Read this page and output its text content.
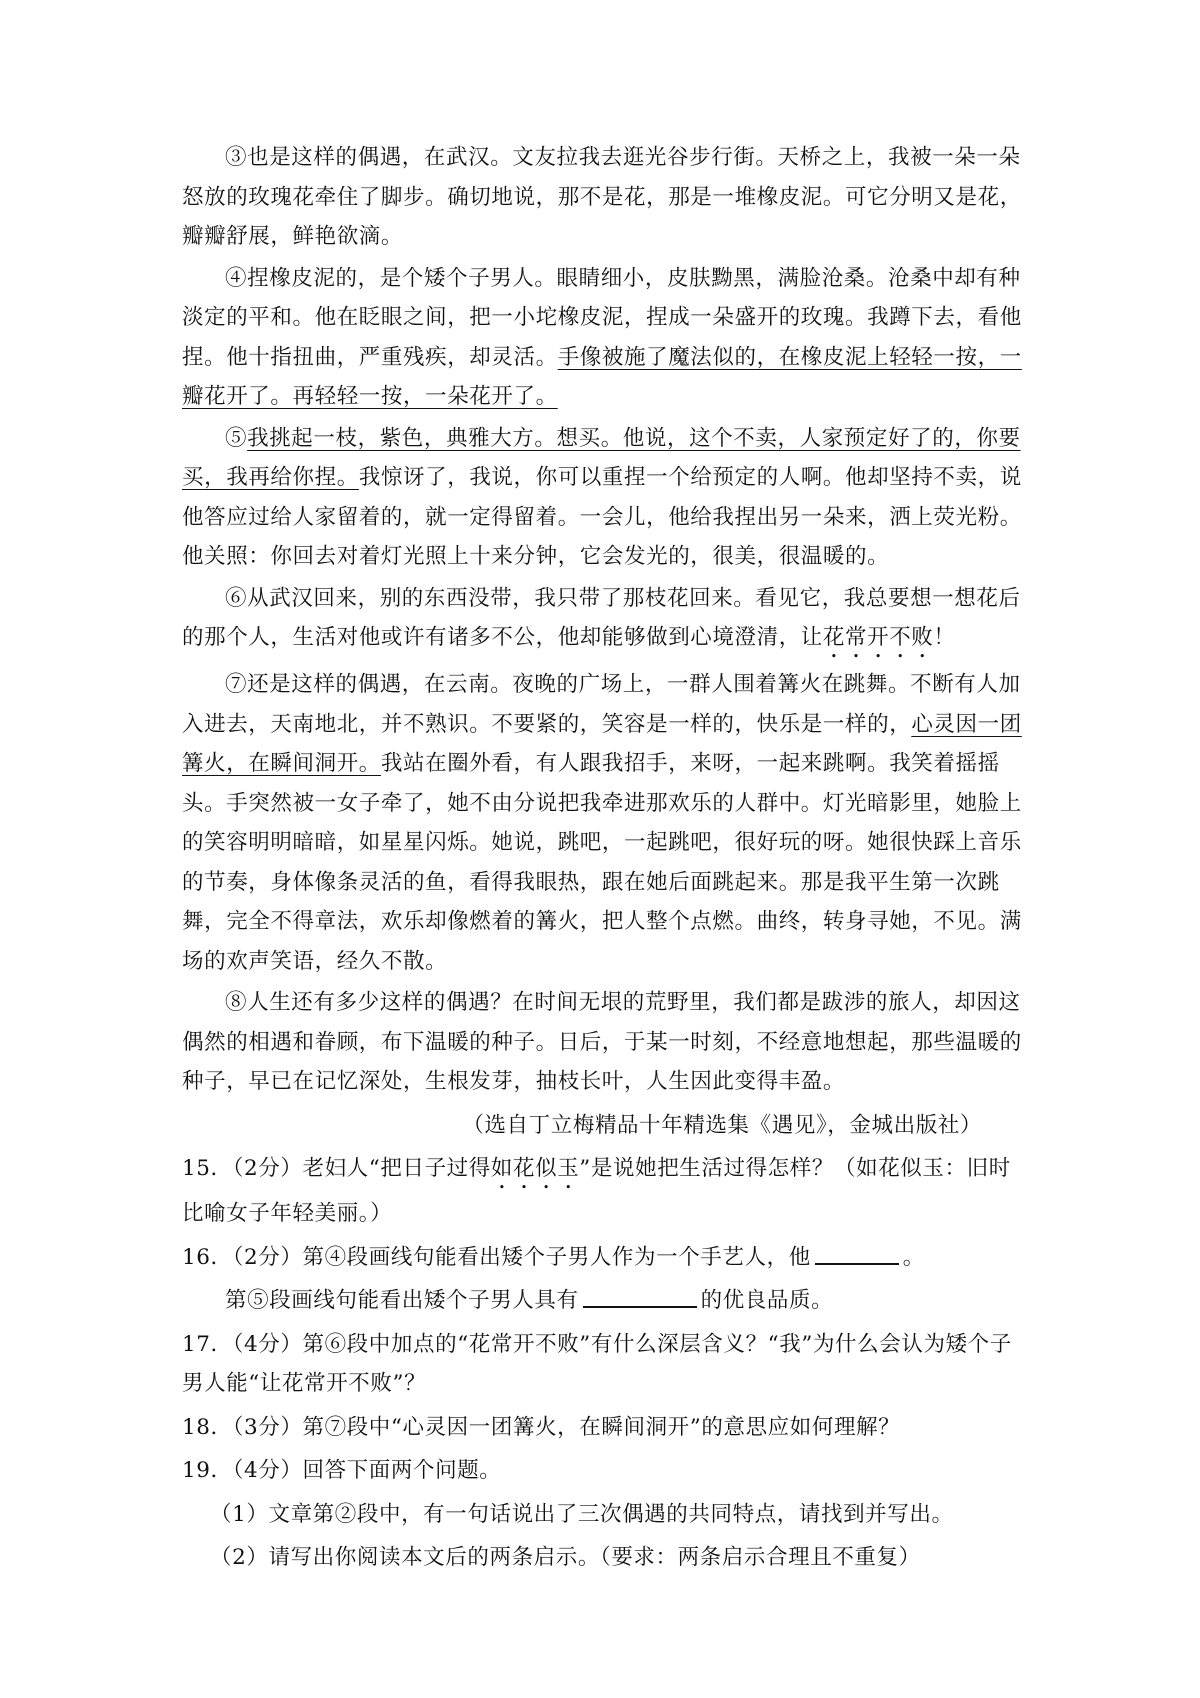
③也是这样的偶遇，在武汉。文友拉我去逛光谷步行街。天桥之上，我被一朵一朵怒放的玫瑰花牵住了脚步。确切地说，那不是花，那是一堆橡皮泥。可它分明又是花，瓣瓣舒展，鲜艳欲滴。

④捏橡皮泥的，是个矮个子男人。眼睛细小，皮肤黝黑，满脸沧桑。沧桑中却有种淡定的平和。他在眨眼之间，把一小坨橡皮泥，捏成一朵盛开的玫瑰。我蹲下去，看他捏。他十指扭曲，严重残疾，却灵活。手像被施了魔法似的，在橡皮泥上轻轻一按，一瓣花开了。再轻轻一按，一朵花开了。

⑤我挑起一枝，紫色，典雅大方。想买。他说，这个不卖，人家预定好了的，你要买，我再给你捏。我惊讶了，我说，你可以重捏一个给预定的人啊。他却坚持不卖，说他答应过给人家留着的，就一定得留着。一会儿，他给我捏出另一朵来，洒上荧光粉。他关照：你回去对着灯光照上十来分钟，它会发光的，很美，很温暖的。

⑥从武汉回来，别的东西没带，我只带了那枝花回来。看见它，我总要想一想花后的那个人，生活对他或许有诸多不公，他却能够做到心境澄清，让花常开不败！

⑦还是这样的偶遇，在云南。夜晚的广场上，一群人围着篝火在跳舞。不断有人加入进去，天南地北，并不熟识。不要紧的，笑容是一样的，快乐是一样的，心灵因一团篝火，在瞬间洞开。我站在圈外看，有人跟我招手，来呀，一起来跳啊。我笑着摇摇头。手突然被一女子牵了，她不由分说把我牵进那欢乐的人群中。灯光暗影里，她脸上的笑容明明暗暗，如星星闪烁。她说，跳吧，一起跳吧，很好玩的呀。她很快踩上音乐的节奏，身体像条灵活的鱼，看得我眼热，跟在她后面跳起来。那是我平生第一次跳舞，完全不得章法，欢乐却像燃着的篝火，把人整个点燃。曲终，转身寻她，不见。满场的欢声笑语，经久不散。

⑧人生还有多少这样的偶遇？在时间无垠的荒野里，我们都是跋涉的旅人，却因这偶然的相遇和眷顾，布下温暖的种子。日后，于某一时刻，不经意地想起，那些温暖的种子，早已在记忆深处，生根发芽，抽枝长叶，人生因此变得丰盈。

（选自丁立梅精品十年精选集《遇见》，金城出版社）

15．（2分）老妇人“把日子过得如花似玉”是说她把生活过得怎样？（如花似玉：旧时比喻女子年轻美丽。）

16．（2分）第④段画线句能看出矮个子男人作为一个手艺人，他	。

第⑤段画线句能看出矮个子男人具有	的优良品质。

17．（4分）第⑥段中加点的“花常开不败”有什么深层含义？“我”为什么会认为矮个子男人能“让花常开不败”？

18．（3分）第⑦段中“心灵因一团篝火，在瞬间洞开”的意思应如何理解？

19．（4分）回答下面两个问题。

（1）文章第②段中，有一句话说出了三次偶遇的共同特点，请找到并写出。

（2）请写出你阅读本文后的两条启示。（要求：两条启示合理且不重复）
